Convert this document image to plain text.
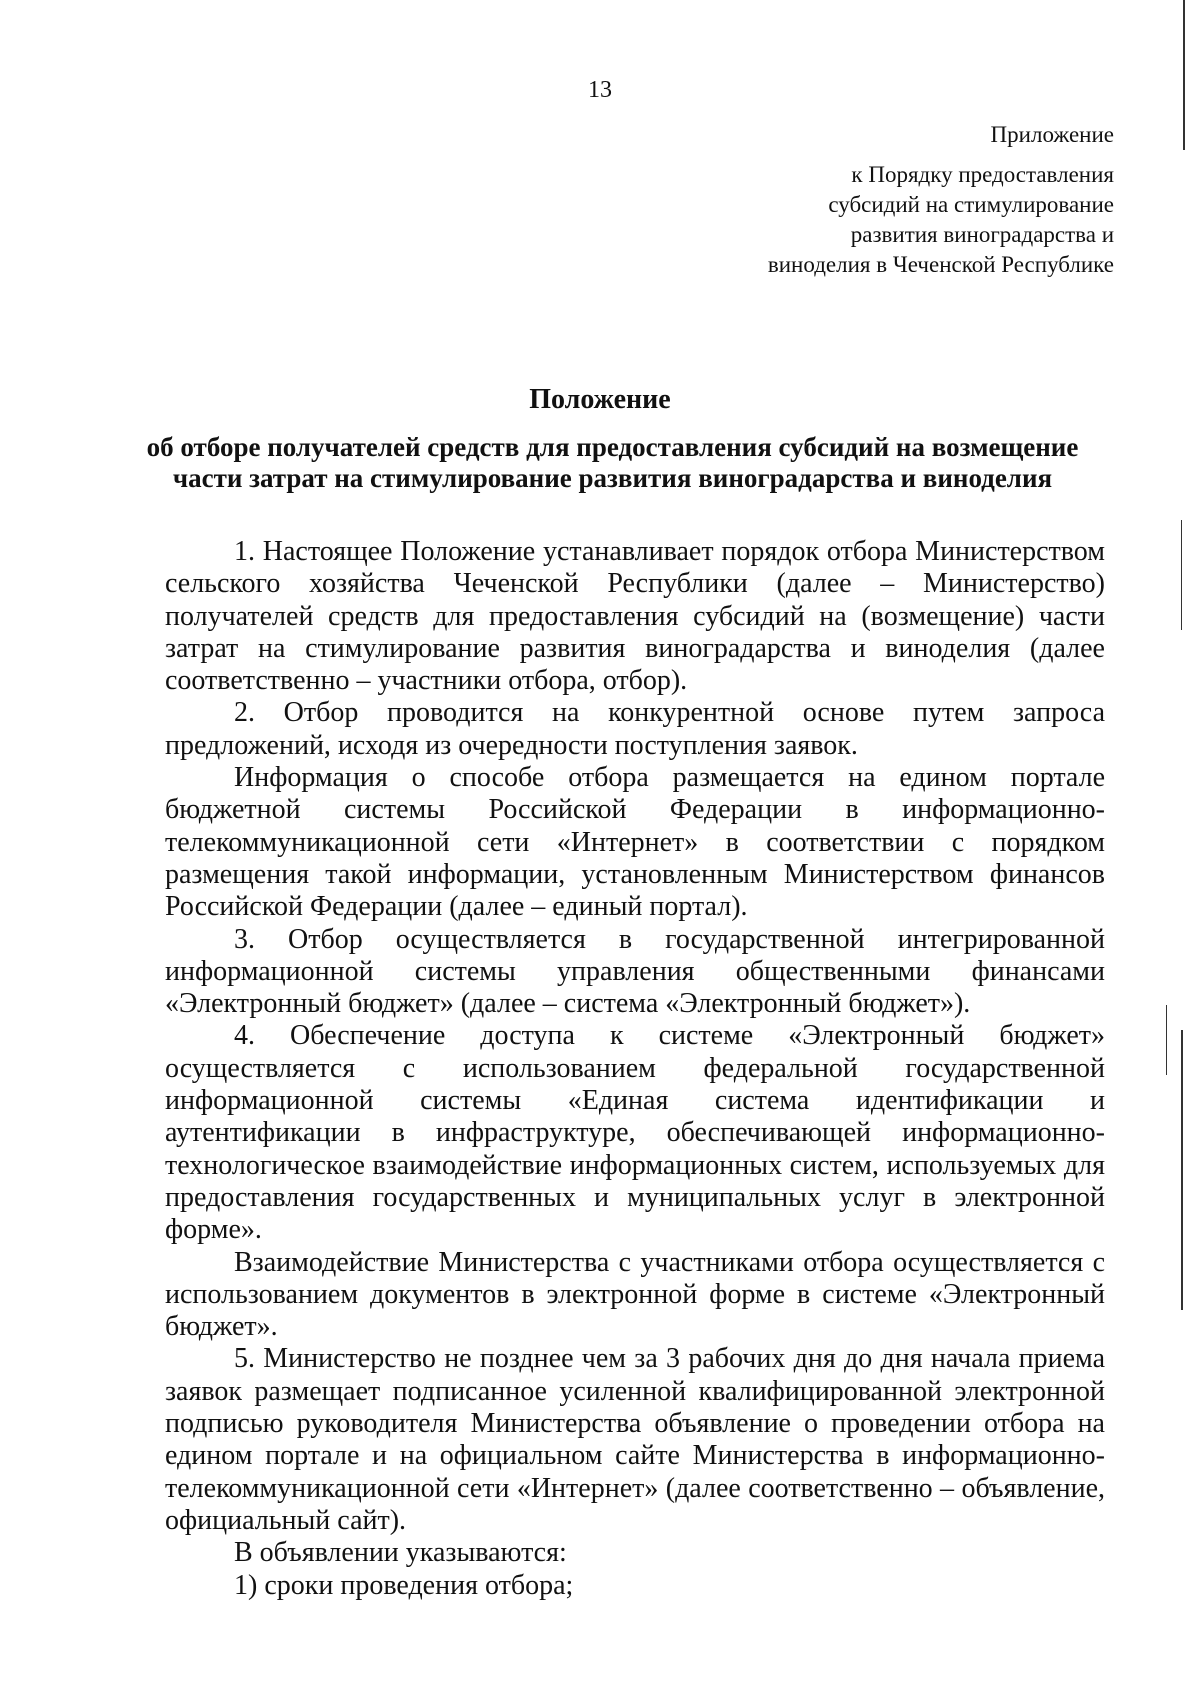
13
Приложение
к Порядку предоставления
субсидий на стимулирование
развития виноградарства и
виноделия в Чеченской Республике
Положение
об отборе получателей средств для предоставления субсидий на возмещение
части затрат на стимулирование развития виноградарства и виноделия

1. Настоящее Положение устанавливает порядок отбора Министерством сельского хозяйства Чеченской Республики (далее – Министерство) получателей средств для предоставления субсидий на (возмещение) части затрат на стимулирование развития виноградарства и виноделия (далее соответственно – участники отбора, отбор).

2. Отбор проводится на конкурентной основе путем запроса предложений, исходя из очередности поступления заявок.

Информация о способе отбора размещается на едином портале бюджетной системы Российской Федерации в информационно-телекоммуникационной сети «Интернет» в соответствии с порядком размещения такой информации, установленным Министерством финансов Российской Федерации (далее – единый портал).

3. Отбор осуществляется в государственной интегрированной информационной системы управления общественными финансами «Электронный бюджет» (далее – система «Электронный бюджет»).

4. Обеспечение доступа к системе «Электронный бюджет» осуществляется с использованием федеральной государственной информационной системы «Единая система идентификации и аутентификации в инфраструктуре, обеспечивающей информационно-технологическое взаимодействие информационных систем, используемых для предоставления государственных и муниципальных услуг в электронной форме».

Взаимодействие Министерства с участниками отбора осуществляется с использованием документов в электронной форме в системе «Электронный бюджет».

5. Министерство не позднее чем за 3 рабочих дня до дня начала приема заявок размещает подписанное усиленной квалифицированной электронной подписью руководителя Министерства объявление о проведении отбора на едином портале и на официальном сайте Министерства в информационно-телекоммуникационной сети «Интернет» (далее соответственно – объявление, официальный сайт).

В объявлении указываются:

1) сроки проведения отбора;
